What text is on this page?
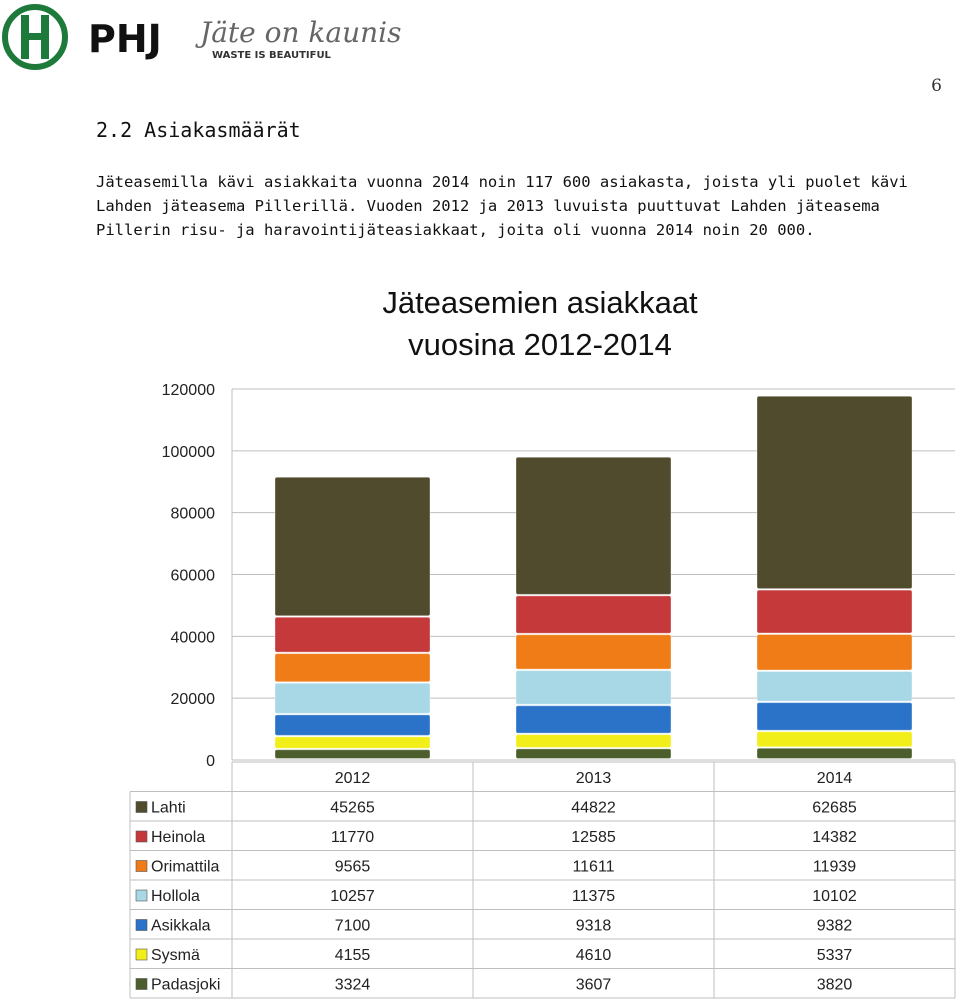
PHJ Jäte on kaunis
WASTE IS BEAUTIFUL
6
2.2 Asiakasmäärät
Jäteasemilla kävi asiakkaita vuonna 2014 noin 117 600 asiakasta, joista yli puolet kävi Lahden jäteasema Pillerillä. Vuoden 2012 ja 2013 luvuista puuttuvat Lahden jäteasema Pillerin risu- ja haravointijäteasiakkaat, joita oli vuonna 2014 noin 20 000.
Jäteasemien asiakkaat vuosina 2012-2014
0
20000
40000
60000
80000
100000
120000
2012	2013	2014
Lahti	45265	44822	62685
Heinola	11770	12585	14382
Orimattila	9565	11611	11939
Hollola	10257	11375	10102
Asikkala	7100	9318	9382
Sysmä	4155	4610	5337
Padasjoki	3324	3607	3820
